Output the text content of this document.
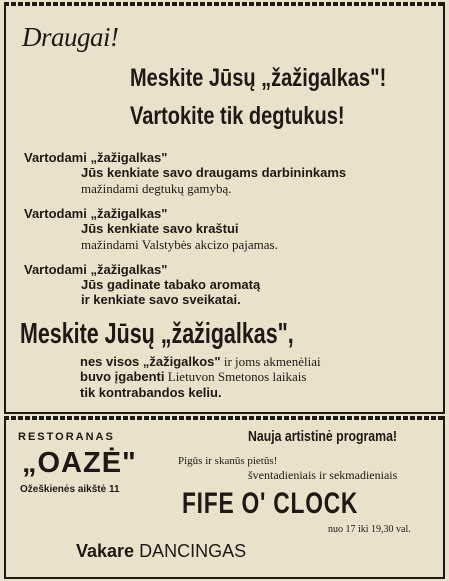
Draugai!
Meskite Jūsų „žažigalkas"!
Vartokite tik degtukus!
Vartodami „žažigalkas"
Jūs kenkiate savo draugams darbininkams
mažindami degtukų gamybą.
Vartodami „žažigalkas"
Jūs kenkiate savo kraštui
mažindami Valstybės akcizo pajamas.
Vartodami „žažigalkas"
Jūs gadinate tabako aromatą
ir kenkiate savo sveikatai.
Meskite Jūsų „žažigalkas",
nes visos „žažigalkos" ir joms akmenėliai
buvo įgabenti Lietuvon Smetonos laikais
tik kontrabandos keliu.
RESTORANAS
„OAZĖ"
Ožeškienės aikštė 11
Nauja artistinė programa!
Pigūs ir skanūs pietūs!
šventadieniais ir sekmadieniais
FIFE O' CLOCK
nuo 17 iki 19,30 val.
Vakare DANCINGAS
